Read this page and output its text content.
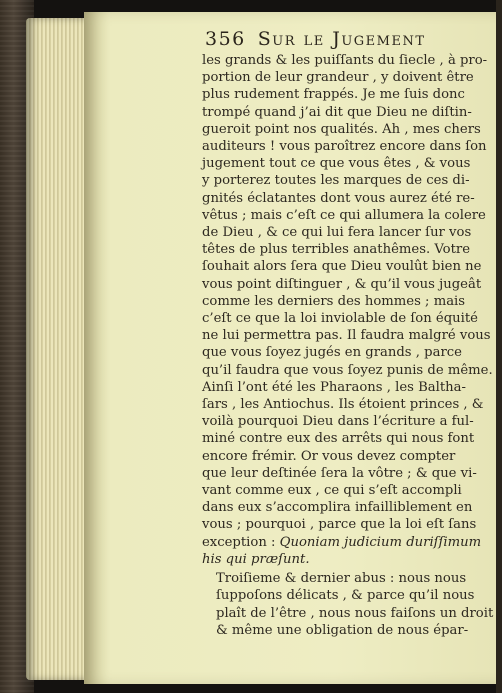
356 Sur le Jugement

les grands & les puiſſants du ſiecle , à pro-
portion de leur grandeur , y doivent être
plus rudement frappés. Je me ſuis donc
trompé quand j’ai dit que Dieu ne diſtin-
gueroit point nos qualités. Ah , mes chers
auditeurs ! vous paroîtrez encore dans ſon
jugement tout ce que vous êtes , & vous
y porterez toutes les marques de ces di-
gnités éclatantes dont vous aurez été re-
vêtus ; mais c’eſt ce qui allumera la colere
de Dieu , & ce qui lui fera lancer ſur vos
têtes de plus terribles anathêmes. Votre
ſouhait alors ſera que Dieu voulût bien ne
vous point diſtinguer , & qu’il vous jugeât
comme les derniers des hommes ; mais
c’eſt ce que la loi inviolable de ſon équité
ne lui permettra pas. Il faudra malgré vous
que vous ſoyez jugés en grands , parce
qu’il faudra que vous ſoyez punis de même.
Ainſi l’ont été les Pharaons , les Baltha-
ſars , les Antiochus. Ils étoient princes , &
voilà pourquoi Dieu dans l’écriture a ful-
miné contre eux des arrêts qui nous font
encore frémir. Or vous devez compter
que leur deſtinée ſera la vôtre ; & que vi-
vant comme eux , ce qui s’eſt accompli
dans eux s’accomplira infailliblement en
vous ; pourquoi , parce que la loi eſt ſans

exception : Quoniam judicium duriſſimum
his qui præſunt.

Troiſieme & dernier abus : nous nous
ſuppoſons délicats , & parce qu’il nous
plaît de l’être , nous nous faiſons un droit
& même une obligation de nous épar-
